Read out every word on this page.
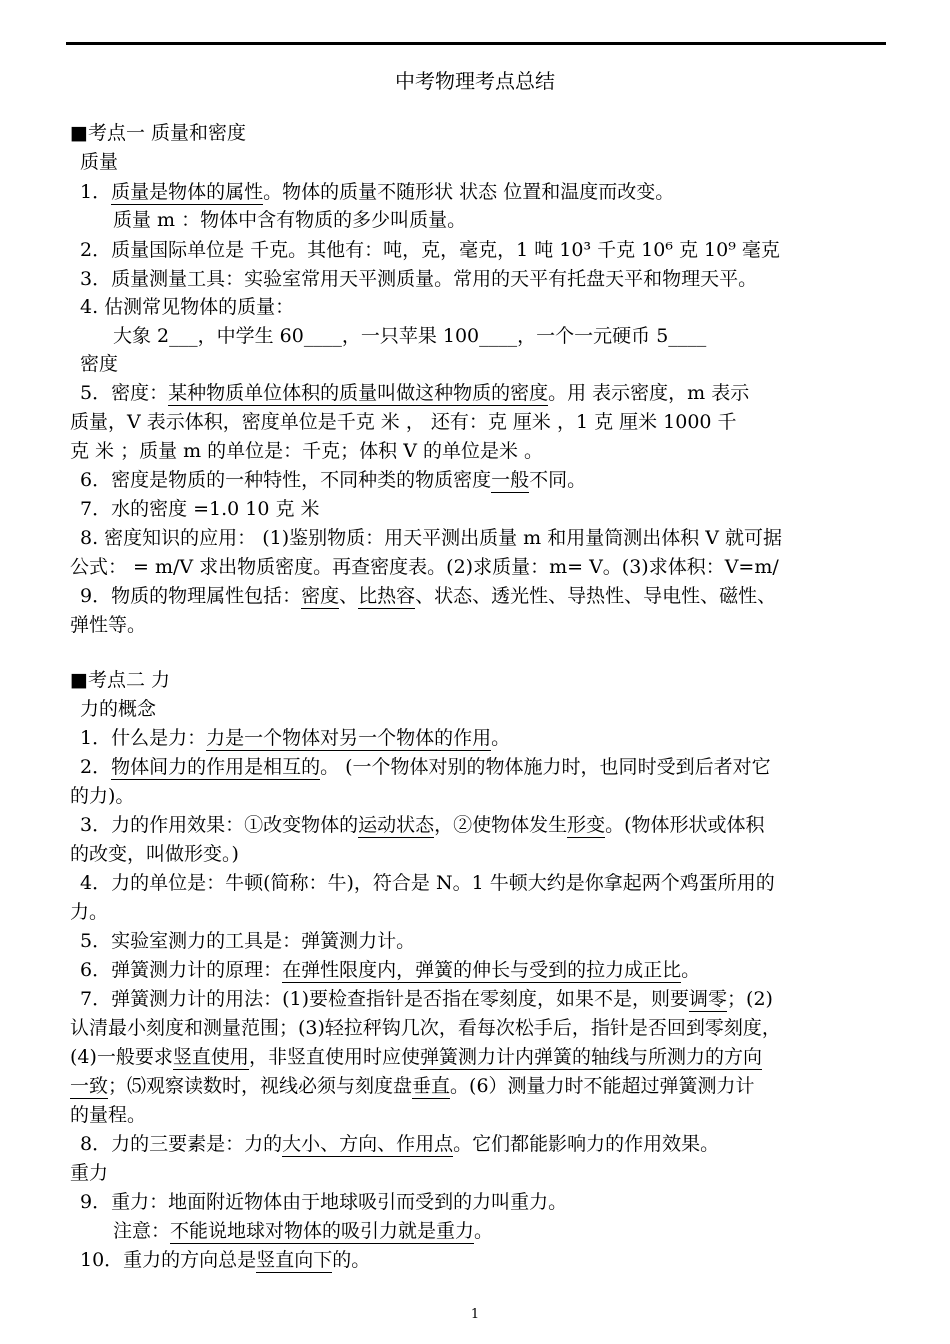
中考物理考点总结
■考点一 质量和密度
质量
1．质量是物体的属性。物体的质量不随形状 状态 位置和温度而改变。
质量 m ：物体中含有物质的多少叫质量。
2．质量国际单位是 千克。其他有：吨，克，毫克，1 吨 10³ 千克 10⁶ 克 10⁹ 毫克
3．质量测量工具：实验室常用天平测质量。常用的天平有托盘天平和物理天平。
4. 估测常见物体的质量：
大象 2___，中学生 60____，一只苹果 100____，一个一元硬币 5____
密度
5．密度：某种物质单位体积的质量叫做这种物质的密度。用 表示密度，m 表示
质量，V 表示体积，密度单位是千克 米 ， 还有：克 厘米 ，1 克 厘米 1000 千
克 米 ；质量 m 的单位是：千克；体积 V 的单位是米 。
6．密度是物质的一种特性，不同种类的物质密度一般不同。
7．水的密度 =1.0 10 克 米
8. 密度知识的应用： (1)鉴别物质：用天平测出质量 m 和用量筒测出体积 V 就可据
公式： = m/V 求出物质密度。再查密度表。(2)求质量：m= V。(3)求体积：V=m/
9．物质的物理属性包括：密度、比热容、状态、透光性、导热性、导电性、磁性、
弹性等。
■考点二 力
力的概念
1．什么是力：力是一个物体对另一个物体的作用。
2．物体间力的作用是相互的。 (一个物体对别的物体施力时，也同时受到后者对它
的力)。
3．力的作用效果：①改变物体的运动状态，②使物体发生形变。(物体形状或体积
的改变，叫做形变。)
4．力的单位是：牛顿(简称：牛)，符合是 N。1 牛顿大约是你拿起两个鸡蛋所用的
力。
5．实验室测力的工具是：弹簧测力计。
6．弹簧测力计的原理：在弹性限度内，弹簧的伸长与受到的拉力成正比。
7．弹簧测力计的用法：(1)要检查指针是否指在零刻度，如果不是，则要调零；(2)
认清最小刻度和测量范围；(3)轻拉秤钩几次，看每次松手后，指针是否回到零刻度，
(4)一般要求竖直使用，非竖直使用时应使弹簧测力计内弹簧的轴线与所测力的方向
一致；⑸观察读数时，视线必须与刻度盘垂直。(6）测量力时不能超过弹簧测力计
的量程。
8．力的三要素是：力的大小、方向、作用点。它们都能影响力的作用效果。
重力
9．重力：地面附近物体由于地球吸引而受到的力叫重力。
注意：不能说地球对物体的吸引力就是重力。
10．重力的方向总是竖直向下的。
1
